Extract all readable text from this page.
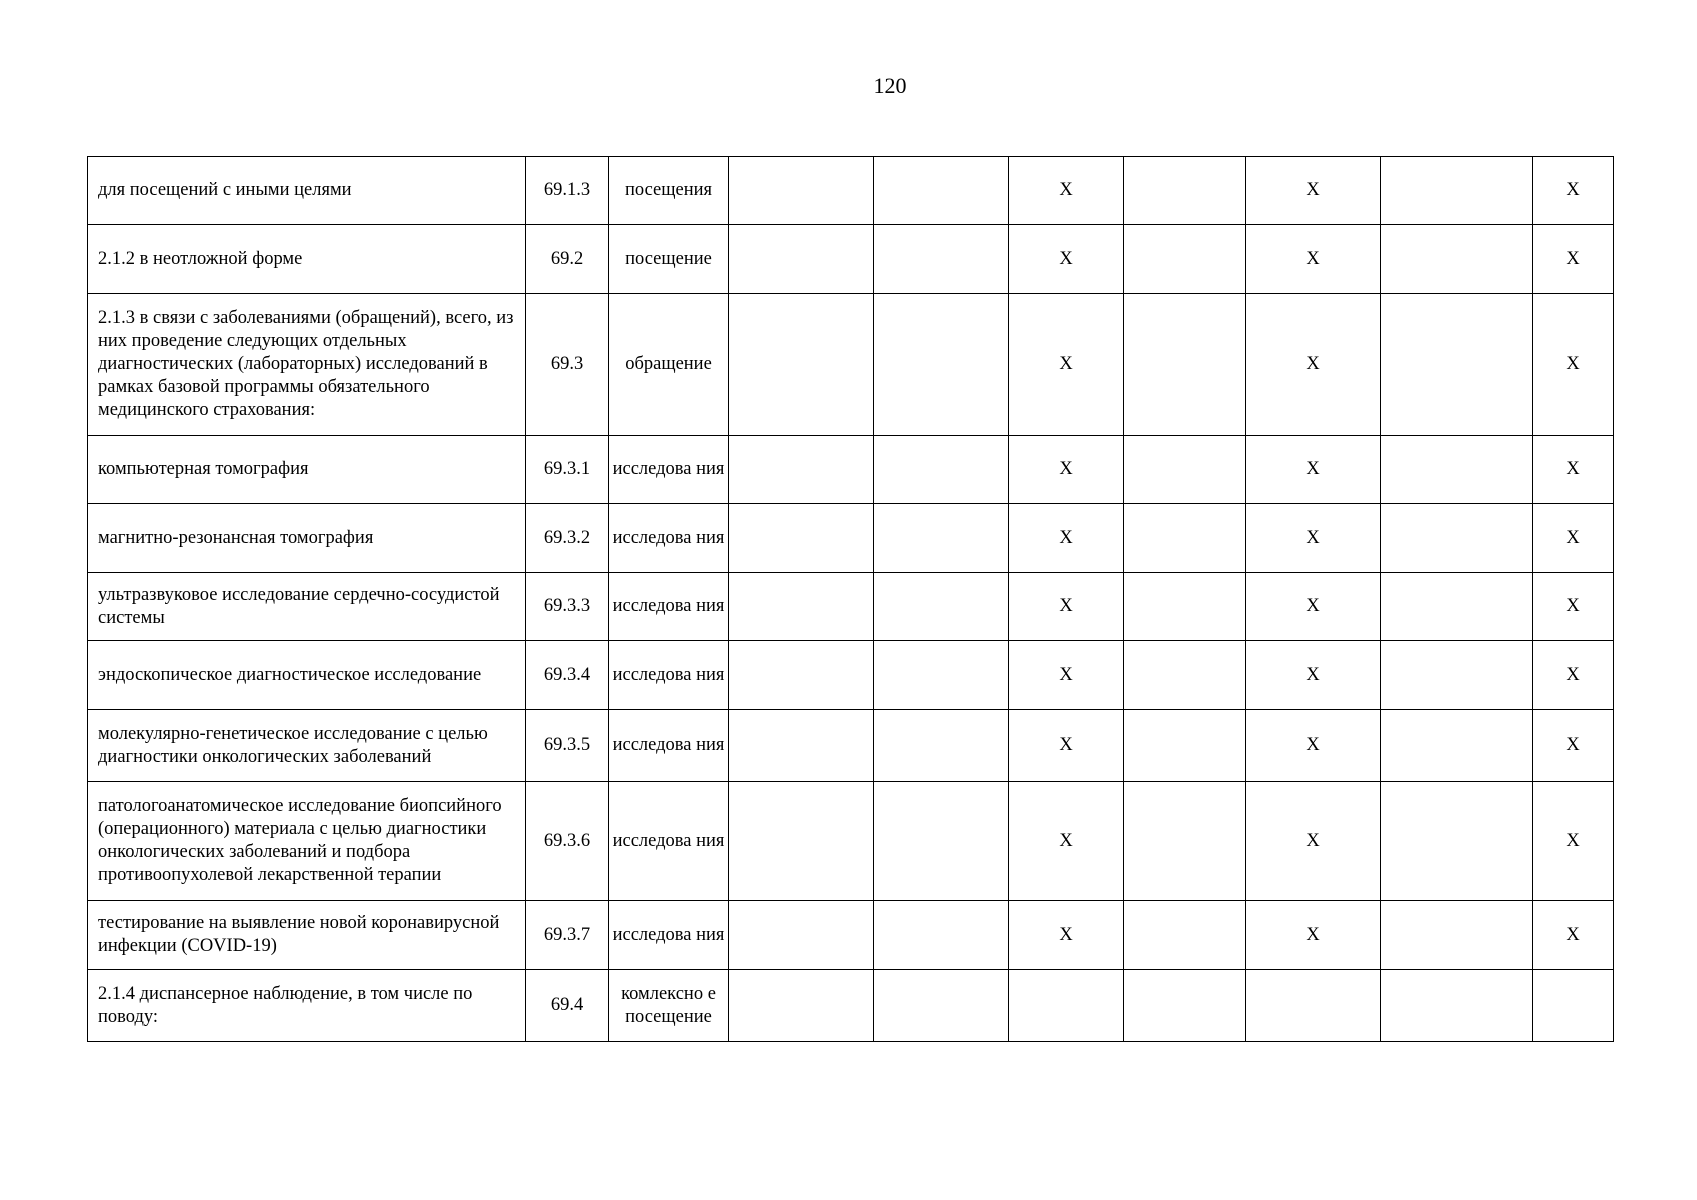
120
для посещений с иными целями	69.1.3	посещения			Х		Х		Х
2.1.2 в неотложной форме	69.2	посещение			Х		Х		Х
2.1.3 в связи с заболеваниями (обращений), всего, из них проведение следующих отдельных диагностических (лабораторных) исследований в рамках базовой программы обязательного медицинского страхования:	69.3	обращение			Х		Х		Х
компьютерная томография	69.3.1	исследова ния			Х		Х		Х
магнитно-резонансная томография	69.3.2	исследова ния			Х		Х		Х
ультразвуковое исследование сердечно-сосудистой системы	69.3.3	исследова ния			Х		Х		Х
эндоскопическое диагностическое исследование	69.3.4	исследова ния			Х		Х		Х
молекулярно-генетическое исследование с целью диагностики онкологических заболеваний	69.3.5	исследова ния			Х		Х		Х
патологоанатомическое исследование биопсийного (операционного) материала с целью диагностики онкологических заболеваний и подбора противоопухолевой лекарственной терапии	69.3.6	исследова ния			Х		Х		Х
тестирование на выявление новой коронавирусной инфекции (COVID-19)	69.3.7	исследова ния			Х		Х		Х
2.1.4 диспансерное наблюдение, в том числе по поводу:	69.4	комлексно е посещение							
